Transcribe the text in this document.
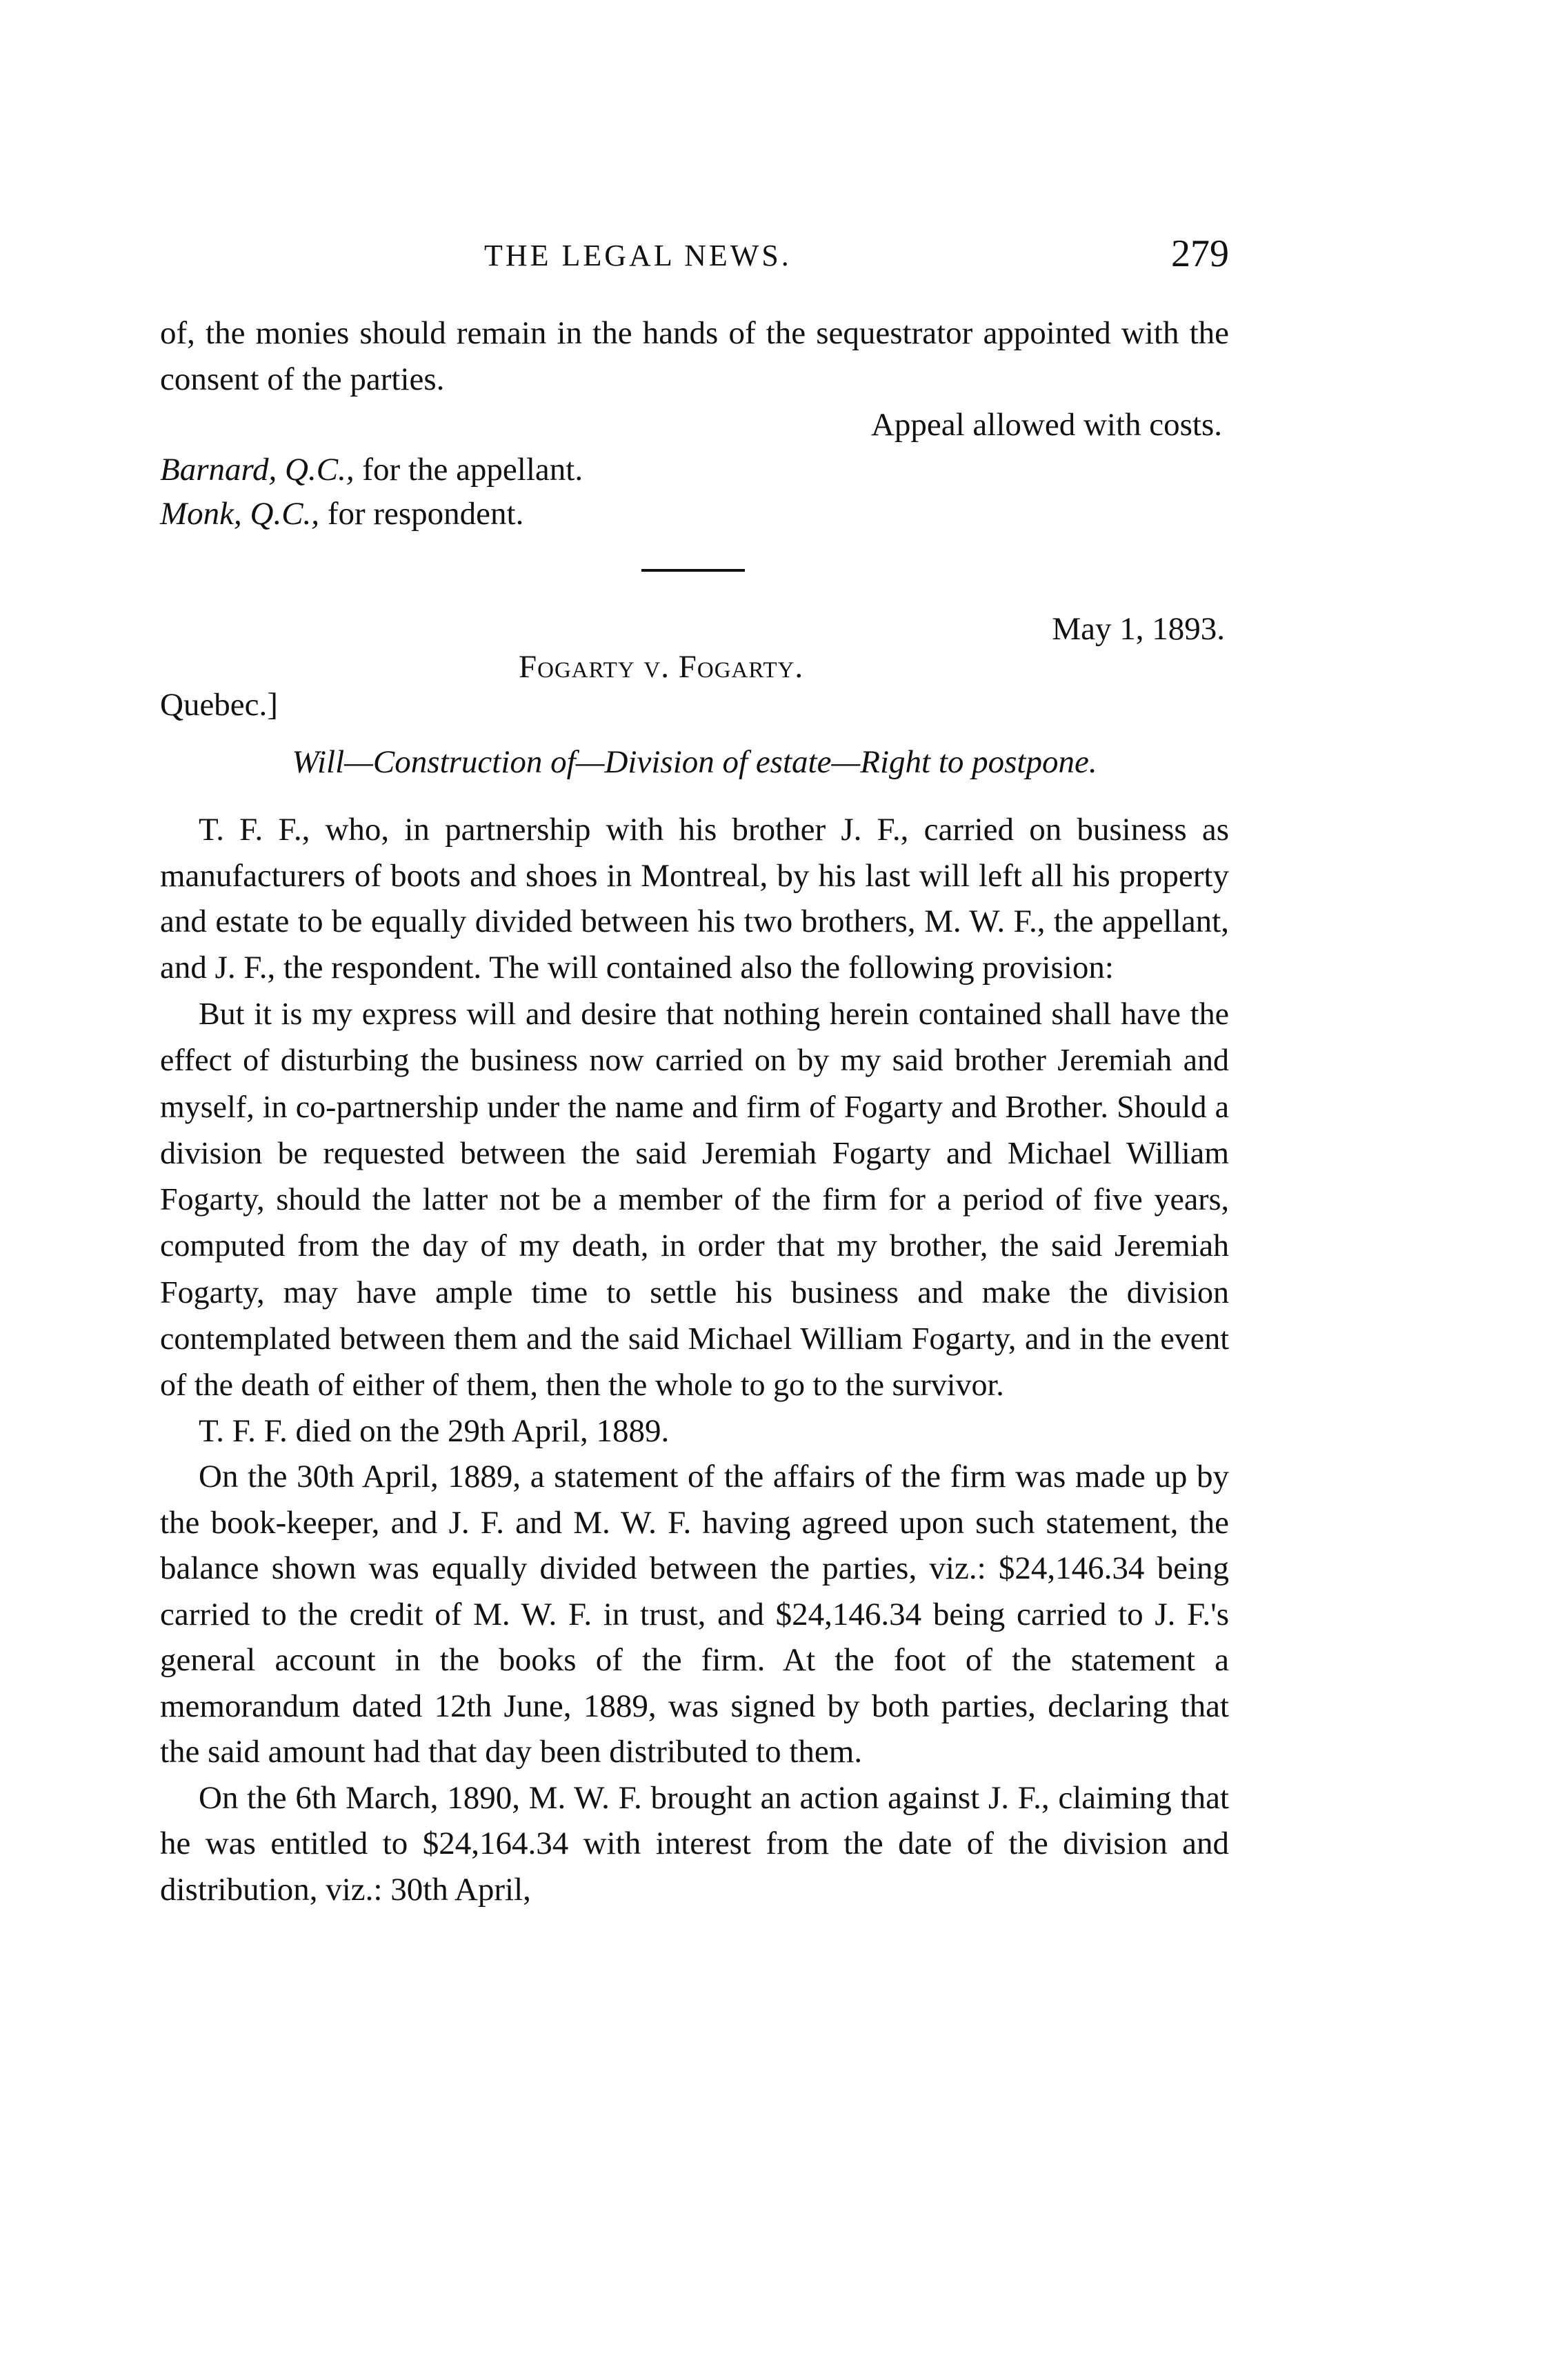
THE LEGAL NEWS.	279

of, the monies should remain in the hands of the sequestrator appointed with the consent of the parties.

Appeal allowed with costs.

Barnard, Q.C., for the appellant.

Monk, Q.C., for respondent.

May 1, 1893.
Fogarty v. Fogarty.
Quebec.]
Will—Construction of—Division of estate—Right to postpone.

T. F. F., who, in partnership with his brother J. F., carried on business as manufacturers of boots and shoes in Montreal, by his last will left all his property and estate to be equally divided between his two brothers, M. W. F., the appellant, and J. F., the respondent. The will contained also the following provision:

But it is my express will and desire that nothing herein contained shall have the effect of disturbing the business now carried on by my said brother Jeremiah and myself, in co-partnership under the name and firm of Fogarty and Brother. Should a division be requested between the said Jeremiah Fogarty and Michael William Fogarty, should the latter not be a member of the firm for a period of five years, computed from the day of my death, in order that my brother, the said Jeremiah Fogarty, may have ample time to settle his business and make the division contemplated between them and the said Michael William Fogarty, and in the event of the death of either of them, then the whole to go to the survivor.

T. F. F. died on the 29th April, 1889.

On the 30th April, 1889, a statement of the affairs of the firm was made up by the book-keeper, and J. F. and M. W. F. having agreed upon such statement, the balance shown was equally divided between the parties, viz.: $24,146.34 being carried to the credit of M. W. F. in trust, and $24,146.34 being carried to J. F.'s general account in the books of the firm. At the foot of the statement a memorandum dated 12th June, 1889, was signed by both parties, declaring that the said amount had that day been distributed to them.

On the 6th March, 1890, M. W. F. brought an action against J. F., claiming that he was entitled to $24,164.34 with interest from the date of the division and distribution, viz.: 30th April,
